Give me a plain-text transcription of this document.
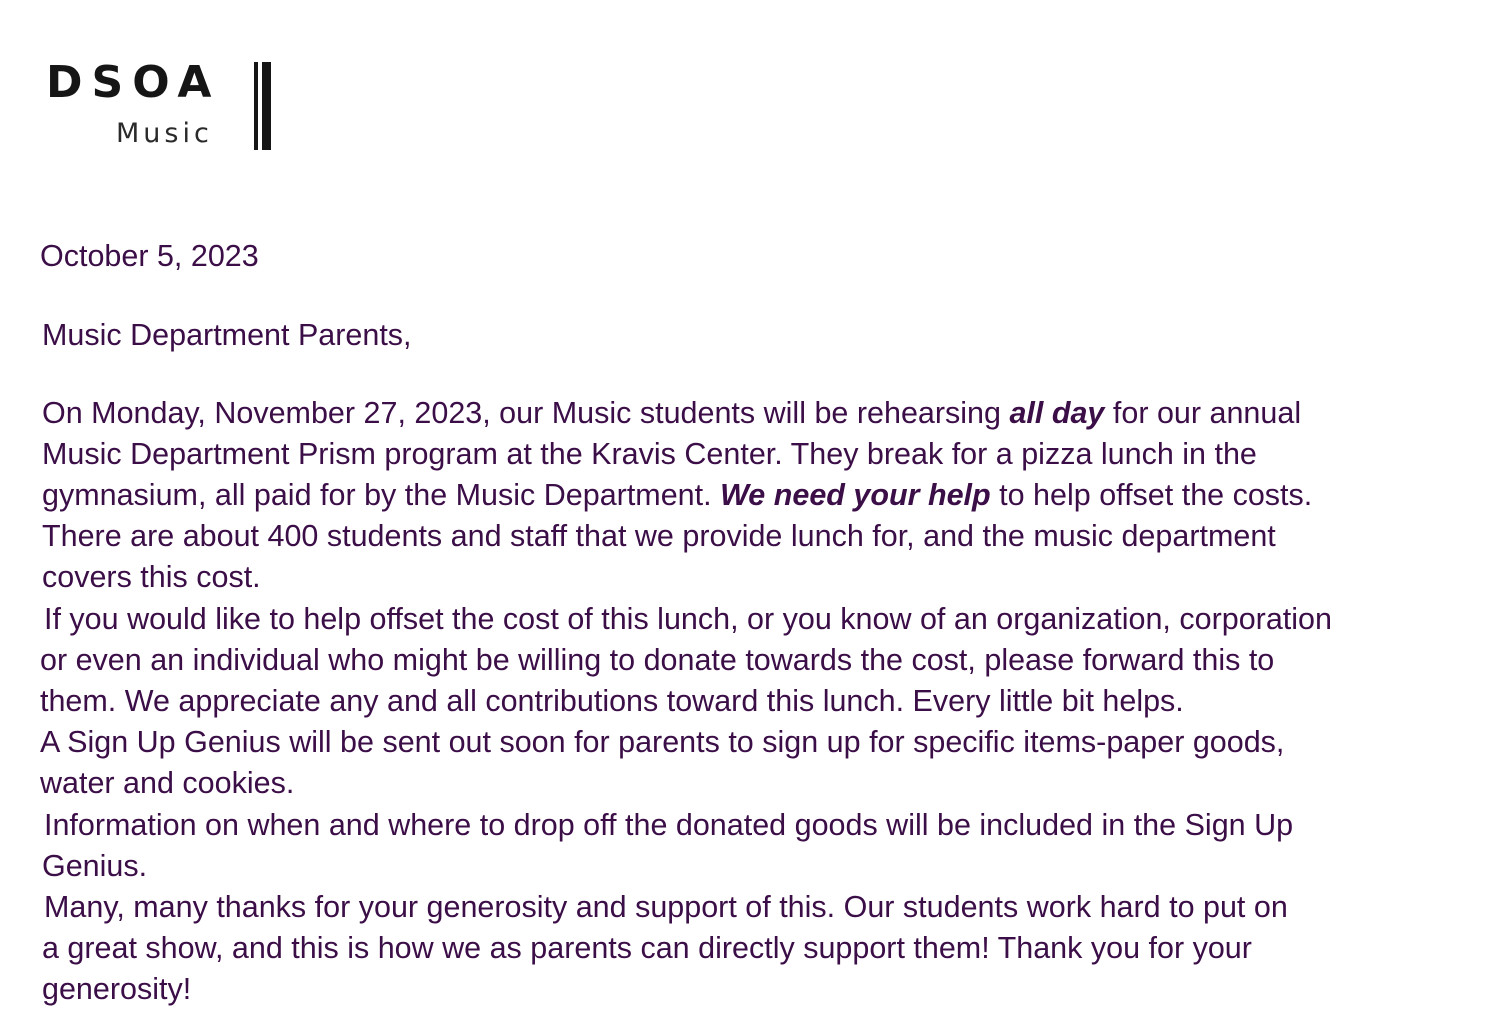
DSOA
Music

October 5, 2023

Music Department Parents,

On Monday, November 27, 2023, our Music students will be rehearsing all day for our annual
Music Department Prism program at the Kravis Center. They break for a pizza lunch in the
gymnasium, all paid for by the Music Department. We need your help to help offset the costs.
There are about 400 students and staff that we provide lunch for, and the music department
covers this cost.
If you would like to help offset the cost of this lunch, or you know of an organization, corporation
or even an individual who might be willing to donate towards the cost, please forward this to
them. We appreciate any and all contributions toward this lunch. Every little bit helps.
A Sign Up Genius will be sent out soon for parents to sign up for specific items-paper goods,
water and cookies.
Information on when and where to drop off the donated goods will be included in the Sign Up
Genius.
Many, many thanks for your generosity and support of this. Our students work hard to put on
a great show, and this is how we as parents can directly support them! Thank you for your
generosity!
